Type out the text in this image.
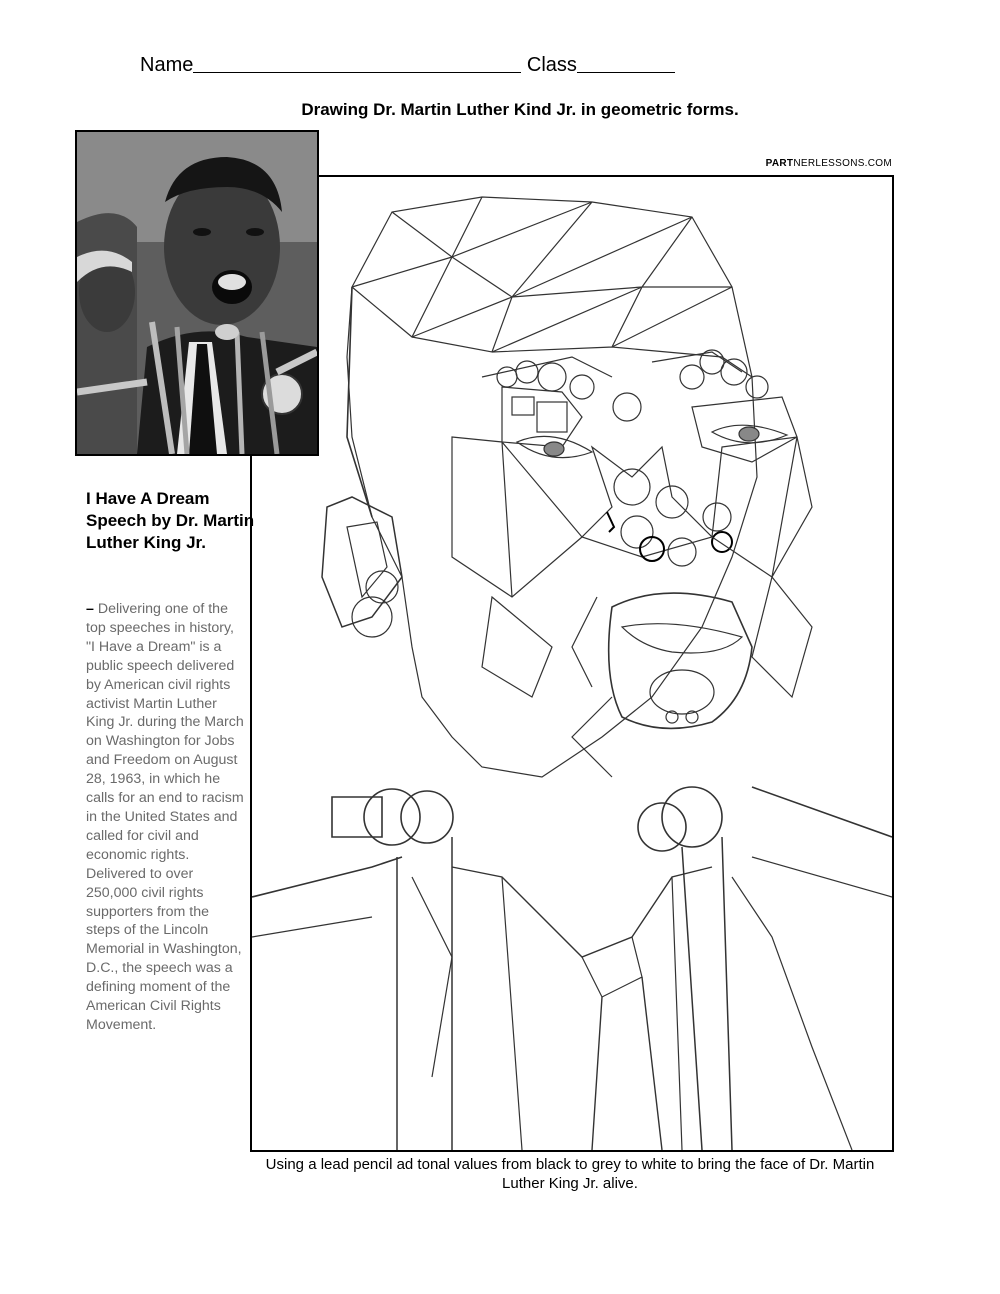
Name	Class
Drawing Dr. Martin Luther Kind Jr. in geometric forms.
PARTNERLESSONS.COM
I Have A Dream Speech by Dr. Martin Luther King Jr.
– Delivering one of the top speeches in history, "I Have a Dream" is a public speech delivered by American civil rights activist Martin Luther King Jr. during the March on Washington for Jobs and Freedom on August 28, 1963, in which he calls for an end to racism in the United States and called for civil and economic rights. Delivered to over 250,000 civil rights supporters from the steps of the Lincoln Memorial in Washington, D.C., the speech was a defining moment of the American Civil Rights Movement.
Using a lead pencil ad tonal values from black to grey to white to bring the face of Dr. Martin Luther King Jr. alive.
